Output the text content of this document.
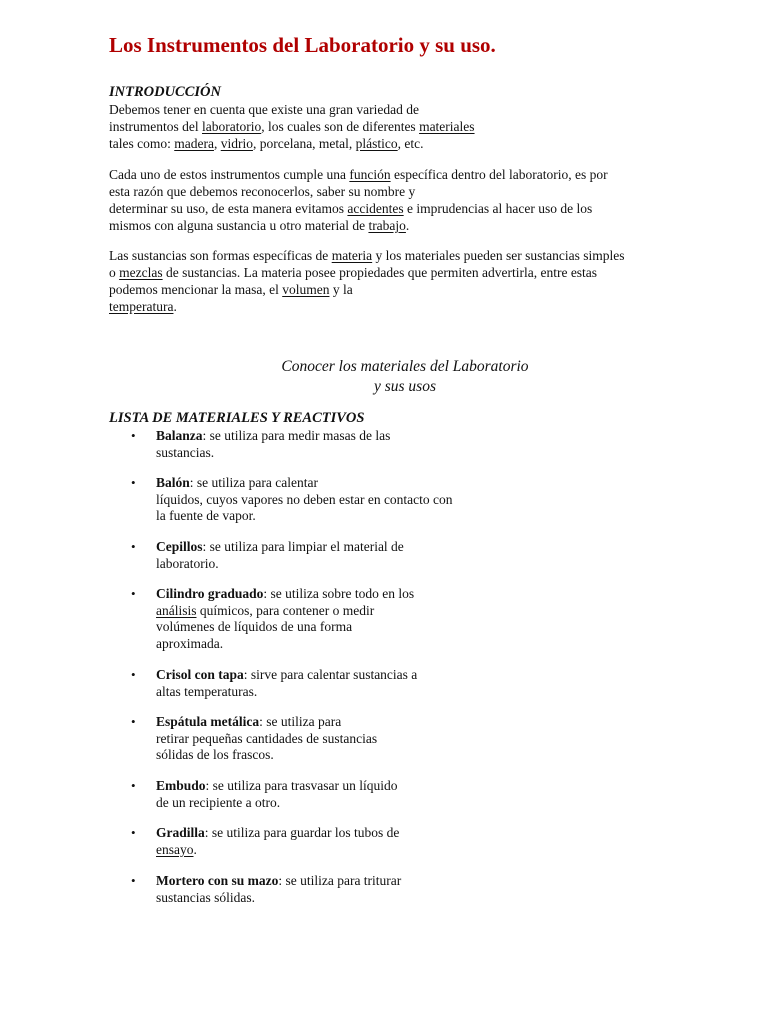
Los Instrumentos del Laboratorio y su uso.
INTRODUCCIÓN
Debemos tener en cuenta que existe una gran variedad de
instrumentos del laboratorio, los cuales son de diferentes materiales
tales como: madera, vidrio, porcelana, metal, plástico, etc.
Cada uno de estos instrumentos cumple una función específica dentro del laboratorio, es por
esta razón que debemos reconocerlos, saber su nombre y
determinar su uso, de esta manera evitamos accidentes e imprudencias al hacer uso de los
mismos con alguna sustancia u otro material de trabajo.
Las sustancias son formas específicas de materia y los materiales pueden ser sustancias simples
o mezclas de sustancias. La materia posee propiedades que permiten advertirla, entre estas
podemos mencionar la masa, el volumen y la
temperatura.
Conocer los materiales del Laboratorio
y sus usos
LISTA DE MATERIALES Y REACTIVOS
• Balanza: se utiliza para medir masas de las
sustancias.
• Balón: se utiliza para calentar
líquidos, cuyos vapores no deben estar en contacto con
la fuente de vapor.
• Cepillos: se utiliza para limpiar el material de
laboratorio.
• Cilindro graduado: se utiliza sobre todo en los
análisis químicos, para contener o medir
volúmenes de líquidos de una forma
aproximada.
• Crisol con tapa: sirve para calentar sustancias a
altas temperaturas.
• Espátula metálica: se utiliza para
retirar pequeñas cantidades de sustancias
sólidas de los frascos.
• Embudo: se utiliza para trasvasar un líquido
de un recipiente a otro.
• Gradilla: se utiliza para guardar los tubos de
ensayo.
• Mortero con su mazo: se utiliza para triturar
sustancias sólidas.
